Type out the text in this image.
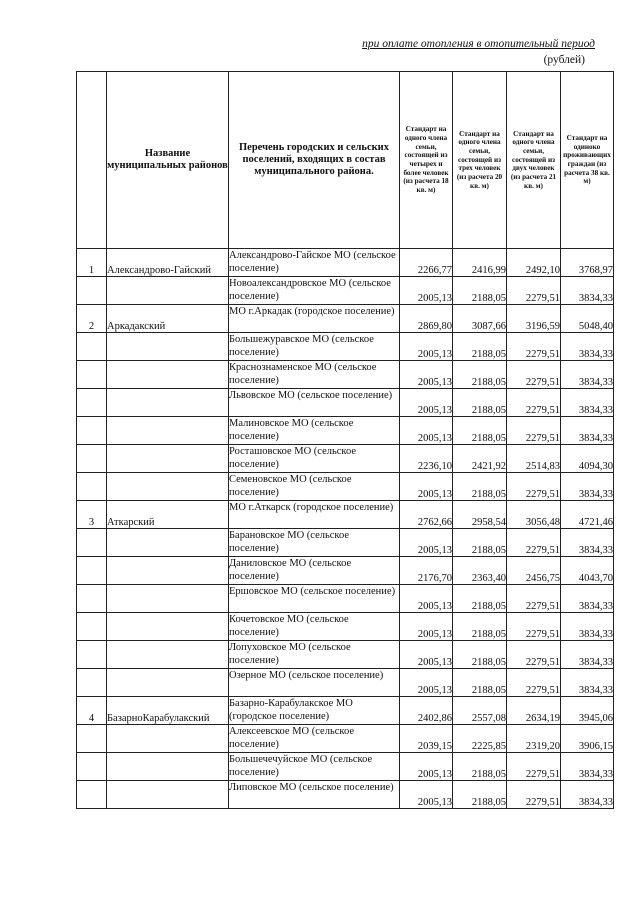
при оплате отопления в отопительный период
(рублей)
	Название муниципальных районов	Перечень городских и сельских поселений, входящих в состав муниципального района.	Стандарт на одного члена семьи, состоящей из четырех и более человек (из расчета 18 кв. м)	Стандарт на одного члена семьи, состоящей из трех человек (из расчета 20 кв. м)	Стандарт на одного члена семьи, состоящей из двух человек (из расчета 21 кв. м)	Стандарт на одиноко проживающих граждан (из расчета 38 кв. м)
1	Александрово-Гайский	Александрово-Гайское МО (сельское поселение)	2266,77	2416,99	2492,10	3768,97
		Новоалександровское МО (сельское поселение)	2005,13	2188,05	2279,51	3834,33
2	Аркадакский	МО г.Аркадак (городское поселение)	2869,80	3087,66	3196,59	5048,40
		Большежуравское МО (сельское поселение)	2005,13	2188,05	2279,51	3834,33
		Краснознаменское МО (сельское поселение)	2005,13	2188,05	2279,51	3834,33
		Львовское МО (сельское поселение)	2005,13	2188,05	2279,51	3834,33
		Малиновское МО (сельское поселение)	2005,13	2188,05	2279,51	3834,33
		Росташовское МО (сельское поселение)	2236,10	2421,92	2514,83	4094,30
		Семеновское МО (сельское поселение)	2005,13	2188,05	2279,51	3834,33
3	Аткарский	МО г.Аткарск (городское поселение)	2762,66	2958,54	3056,48	4721,46
		Барановское МО (сельское поселение)	2005,13	2188,05	2279,51	3834,33
		Даниловское МО (сельское поселение)	2176,70	2363,40	2456,75	4043,70
		Ершовское МО (сельское поселение)	2005,13	2188,05	2279,51	3834,33
		Кочетовское МО (сельское поселение)	2005,13	2188,05	2279,51	3834,33
		Лопуховское МО (сельское поселение)	2005,13	2188,05	2279,51	3834,33
		Озерное МО (сельское поселение)	2005,13	2188,05	2279,51	3834,33
4	БазарноКарабулакский	Базарно-Карабулакское МО (городское поселение)	2402,86	2557,08	2634,19	3945,06
		Алексеевское МО (сельское поселение)	2039,15	2225,85	2319,20	3906,15
		Большечечуйское МО (сельское поселение)	2005,13	2188,05	2279,51	3834,33
		Липовское МО (сельское поселение)	2005,13	2188,05	2279,51	3834,33
